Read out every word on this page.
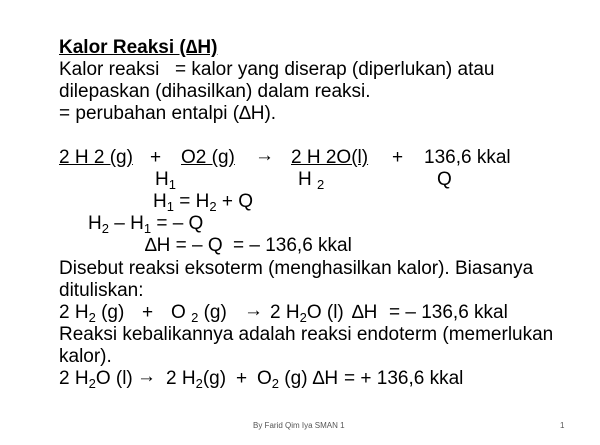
Kalor Reaksi (∆H)
Kalor reaksi = kalor yang diserap (diperlukan) atau
dilepaskan (dihasilkan) dalam reaksi.
= perubahan entalpi (∆H).
2 H 2 (g) + O2 (g) → 2 H 2O(l) + 136,6 kkal
$H_1$	H $_2$	Q
$H_1 = H_2 + Q$
$H_2 - H_1$ = – Q
∆H = – Q = – 136,6 kkal
Disebut reaksi eksoterm (menghasilkan kalor). Biasanya
dituliskan:
2 $H_2$ (g) + O $_2$ (g) → 2 $H_2O$ (l) ∆H = – 136,6 kkal
Reaksi kebalikannya adalah reaksi endoterm (memerlukan
kalor).
2 $H_2O$ (l) → 2 $H_2(g) + O_2$ (g) ∆H = + 136,6 kkal
By Farid Qim Iya SMAN 1	1
